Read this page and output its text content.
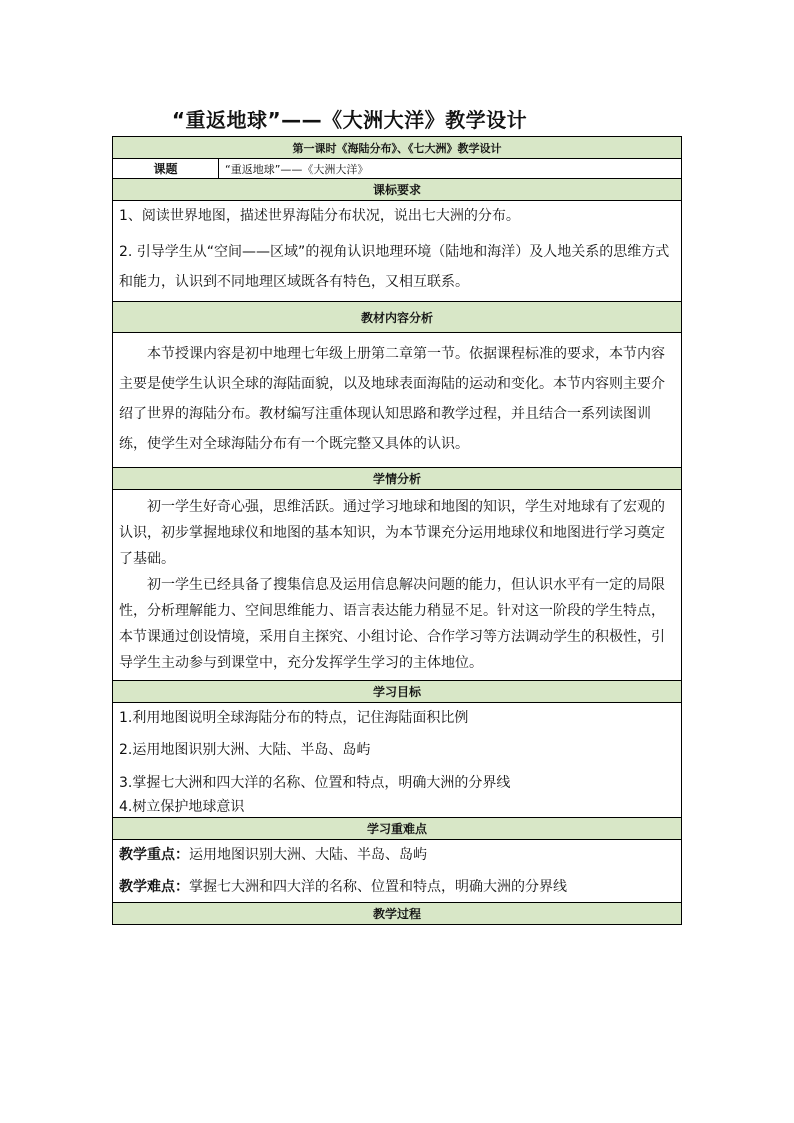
“重返地球”——《大洲大洋》教学设计
第一课时《海陆分布》、《七大洲》教学设计
课题	“重返地球”——《大洲大洋》
课标要求

1、阅读世界地图，描述世界海陆分布状况，说出七大洲的分布。

2. 引导学生从“空间——区域”的视角认识地理环境（陆地和海洋）及人地关系的思维方式和能力，认识到不同地理区域既各有特色，又相互联系。

教材内容分析

本节授课内容是初中地理七年级上册第二章第一节。依据课程标准的要求，本节内容主要是使学生认识全球的海陆面貌，以及地球表面海陆的运动和变化。本节内容则主要介绍了世界的海陆分布。教材编写注重体现认知思路和教学过程，并且结合一系列读图训练，使学生对全球海陆分布有一个既完整又具体的认识。

学情分析

初一学生好奇心强，思维活跃。通过学习地球和地图的知识，学生对地球有了宏观的认识，初步掌握地球仪和地图的基本知识，为本节课充分运用地球仪和地图进行学习奠定了基础。

初一学生已经具备了搜集信息及运用信息解决问题的能力，但认识水平有一定的局限性，分析理解能力、空间思维能力、语言表达能力稍显不足。针对这一阶段的学生特点，本节课通过创设情境，采用自主探究、小组讨论、合作学习等方法调动学生的积极性，引导学生主动参与到课堂中，充分发挥学生学习的主体地位。

学习目标

1.利用地图说明全球海陆分布的特点，记住海陆面积比例

2.运用地图识别大洲、大陆、半岛、岛屿

3.掌握七大洲和四大洋的名称、位置和特点，明确大洲的分界线

4.树立保护地球意识

学习重难点

教学重点：运用地图识别大洲、大陆、半岛、岛屿

教学难点：掌握七大洲和四大洋的名称、位置和特点，明确大洲的分界线

教学过程
